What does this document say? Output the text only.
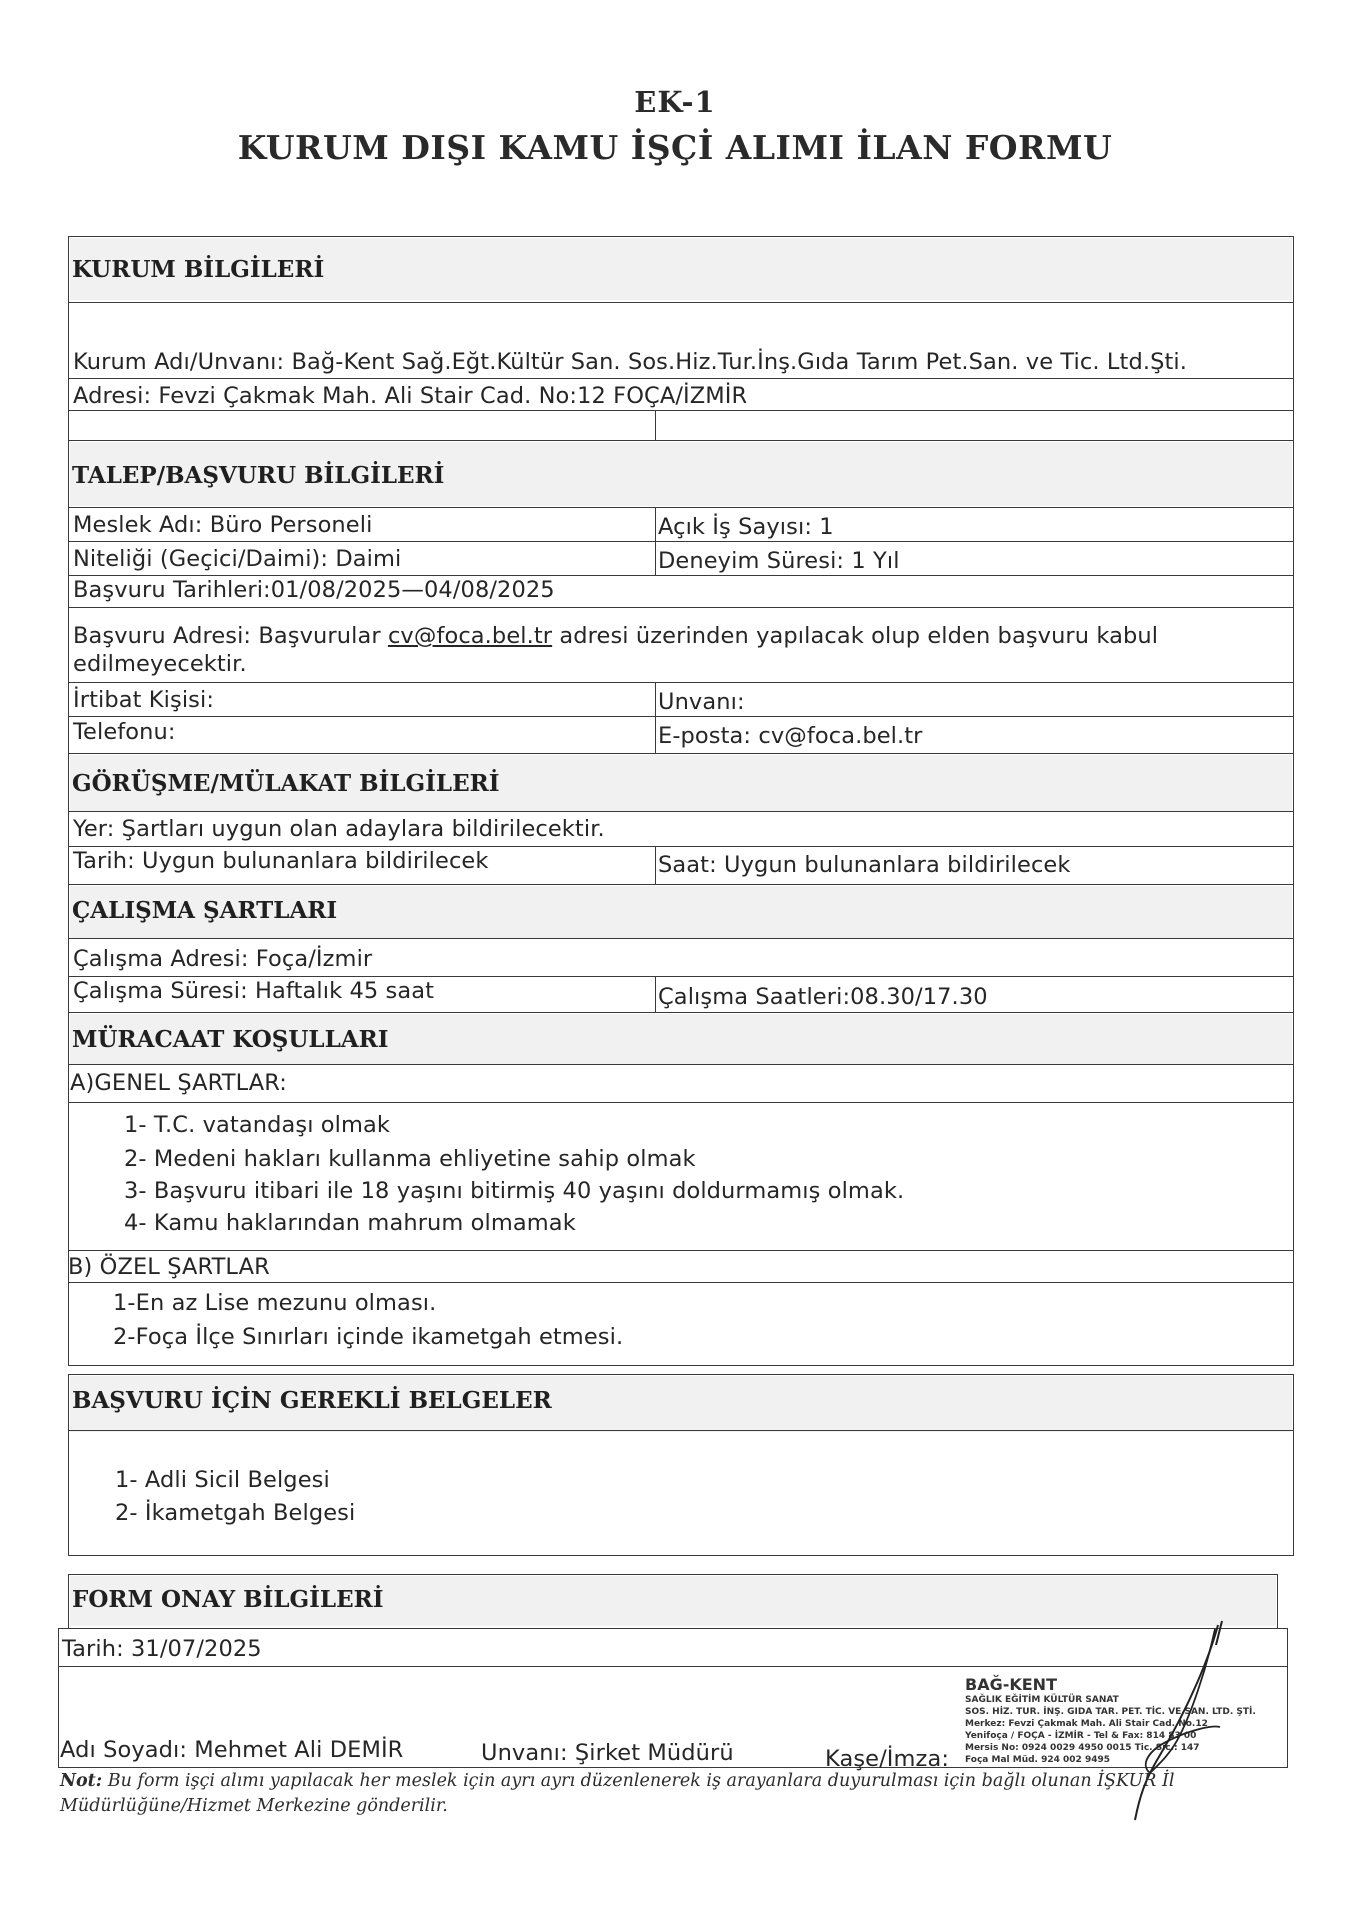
EK-1
KURUM DIŞI KAMU İŞÇİ ALIMI İLAN FORMU
KURUM BİLGİLERİ
Kurum Adı/Unvanı: Bağ-Kent Sağ.Eğt.Kültür San. Sos.Hiz.Tur.İnş.Gıda Tarım Pet.San. ve Tic. Ltd.Şti.
Adresi: Fevzi Çakmak Mah. Ali Stair Cad. No:12 FOÇA/İZMİR
TALEP/BAŞVURU BİLGİLERİ
Meslek Adı: Büro Personeli	Açık İş Sayısı: 1
Niteliği (Geçici/Daimi): Daimi	Deneyim Süresi: 1 Yıl
Başvuru Tarihleri:01/08/2025—04/08/2025
Başvuru Adresi: Başvurular cv@foca.bel.tr adresi üzerinden yapılacak olup elden başvuru kabul
edilmeyecektir.
İrtibat Kişisi:	Unvanı:
Telefonu:	E-posta: cv@foca.bel.tr
GÖRÜŞME/MÜLAKAT BİLGİLERİ
Yer: Şartları uygun olan adaylara bildirilecektir.
Tarih: Uygun bulunanlara bildirilecek	Saat: Uygun bulunanlara bildirilecek
ÇALIŞMA ŞARTLARI
Çalışma Adresi: Foça/İzmir
Çalışma Süresi: Haftalık 45 saat	Çalışma Saatleri:08.30/17.30
MÜRACAAT KOŞULLARI
A)GENEL ŞARTLAR:
1- T.C. vatandaşı olmak
2- Medeni hakları kullanma ehliyetine sahip olmak
3- Başvuru itibari ile 18 yaşını bitirmiş 40 yaşını doldurmamış olmak.
4- Kamu haklarından mahrum olmamak
B) ÖZEL ŞARTLAR
1-En az Lise mezunu olması.
2-Foça İlçe Sınırları içinde ikametgah etmesi.
BAŞVURU İÇİN GEREKLİ BELGELER
1- Adli Sicil Belgesi
2- İkametgah Belgesi
FORM ONAY BİLGİLERİ
Tarih: 31/07/2025
Adı Soyadı: Mehmet Ali DEMİR	Unvanı: Şirket Müdürü	Kaşe/İmza:
BAĞ-KENT
SAĞLIK EĞİTİM KÜLTÜR SANAT
SOS. HİZ. TUR. İNŞ. GIDA TAR. PET. TİC. VE SAN. LTD. ŞTİ.
Merkez: Fevzi Çakmak Mah. Ali Stair Cad. No.12
Yenifoça / FOÇA - İZMİR - Tel & Fax: 814 83 00
Mersis No: 0924 0029 4950 0015 Tic. Sic.: 147
Foça Mal Müd. 924 002 9495
Not: Bu form işçi alımı yapılacak her meslek için ayrı ayrı düzenlenerek iş arayanlara duyurulması için bağlı olunan İŞKUR İl
Müdürlüğüne/Hizmet Merkezine gönderilir.
